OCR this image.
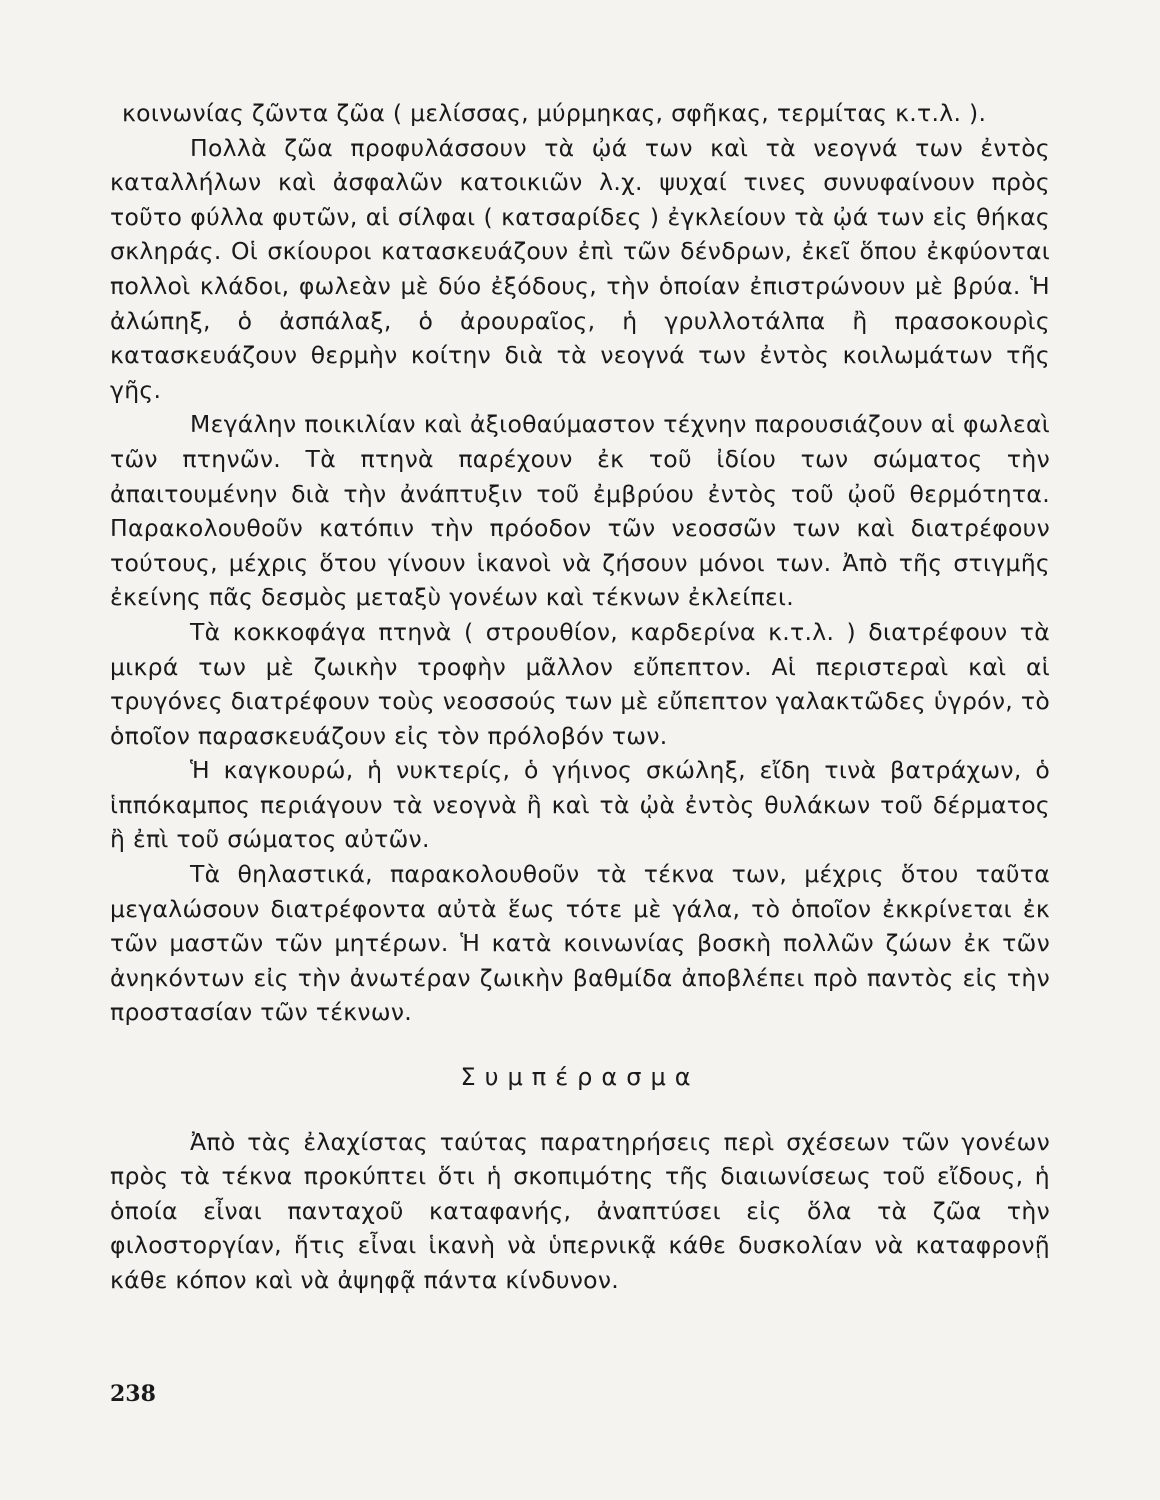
κοινωνίας ζῶντα ζῶα ( μελίσσας, μύρμηκας, σφῆκας, τερμίτας κ.τ.λ. ).

Πολλὰ ζῶα προφυλάσσουν τὰ ᾠά των καὶ τὰ νεογνά των ἐντὸς καταλλήλων καὶ ἀσφαλῶν κατοικιῶν λ.χ. ψυχαί τινες συνυφαίνουν πρὸς τοῦτο φύλλα φυτῶν, αἱ σίλφαι ( κατσαρίδες ) ἐγκλείουν τὰ ᾠά των εἰς θήκας σκληράς. Οἱ σκίουροι κατασκευάζουν ἐπὶ τῶν δένδρων, ἐκεῖ ὅπου ἐκφύονται πολλοὶ κλάδοι, φωλεὰν μὲ δύο ἐξόδους, τὴν ὁποίαν ἐπιστρώνουν μὲ βρύα. Ἡ ἀλώπηξ, ὁ ἀσπάλαξ, ὁ ἀρουραῖος, ἡ γρυλλοτάλπα ἢ πρασοκουρὶς κατασκευάζουν θερμὴν κοίτην διὰ τὰ νεογνά των ἐντὸς κοιλωμάτων τῆς γῆς.

Μεγάλην ποικιλίαν καὶ ἀξιοθαύμαστον τέχνην παρουσιάζουν αἱ φωλεαὶ τῶν πτηνῶν. Τὰ πτηνὰ παρέχουν ἐκ τοῦ ἰδίου των σώματος τὴν ἀπαιτουμένην διὰ τὴν ἀνάπτυξιν τοῦ ἐμβρύου ἐντὸς τοῦ ᾠοῦ θερμότητα. Παρακολουθοῦν κατόπιν τὴν πρόοδον τῶν νεοσσῶν των καὶ διατρέφουν τούτους, μέχρις ὅτου γίνουν ἱκανοὶ νὰ ζήσουν μόνοι των. Ἀπὸ τῆς στιγμῆς ἐκείνης πᾶς δεσμὸς μεταξὺ γονέων καὶ τέκνων ἐκλείπει.

Τὰ κοκκοφάγα πτηνὰ ( στρουθίον, καρδερίνα κ.τ.λ. ) διατρέφουν τὰ μικρά των μὲ ζωικὴν τροφὴν μᾶλλον εὔπεπτον. Αἱ περιστεραὶ καὶ αἱ τρυγόνες διατρέφουν τοὺς νεοσσούς των μὲ εὔπεπτον γαλακτῶδες ὑγρόν, τὸ ὁποῖον παρασκευάζουν εἰς τὸν πρόλοβόν των.

Ἡ καγκουρώ, ἡ νυκτερίς, ὁ γήινος σκώληξ, εἴδη τινὰ βατράχων, ὁ ἱππόκαμπος περιάγουν τὰ νεογνὰ ἢ καὶ τὰ ᾠὰ ἐντὸς θυλάκων τοῦ δέρματος ἢ ἐπὶ τοῦ σώματος αὐτῶν.

Τὰ θηλαστικά, παρακολουθοῦν τὰ τέκνα των, μέχρις ὅτου ταῦτα μεγαλώσουν διατρέφοντα αὐτὰ ἕως τότε μὲ γάλα, τὸ ὁποῖον ἐκκρίνεται ἐκ τῶν μαστῶν τῶν μητέρων. Ἡ κατὰ κοινωνίας βοσκὴ πολλῶν ζώων ἐκ τῶν ἀνηκόντων εἰς τὴν ἀνωτέραν ζωικὴν βαθμίδα ἀποβλέπει πρὸ παντὸς εἰς τὴν προστασίαν τῶν τέκνων.

Συμπέρασμα

Ἀπὸ τὰς ἐλαχίστας ταύτας παρατηρήσεις περὶ σχέσεων τῶν γονέων πρὸς τὰ τέκνα προκύπτει ὅτι ἡ σκοπιμότης τῆς διαιωνίσεως τοῦ εἴδους, ἡ ὁποία εἶναι πανταχοῦ καταφανής, ἀναπτύσει εἰς ὅλα τὰ ζῶα τὴν φιλοστοργίαν, ἥτις εἶναι ἱκανὴ νὰ ὑπερνικᾷ κάθε δυσκολίαν νὰ καταφρονῇ κάθε κόπον καὶ νὰ ἀψηφᾷ πάντα κίνδυνον.

238
